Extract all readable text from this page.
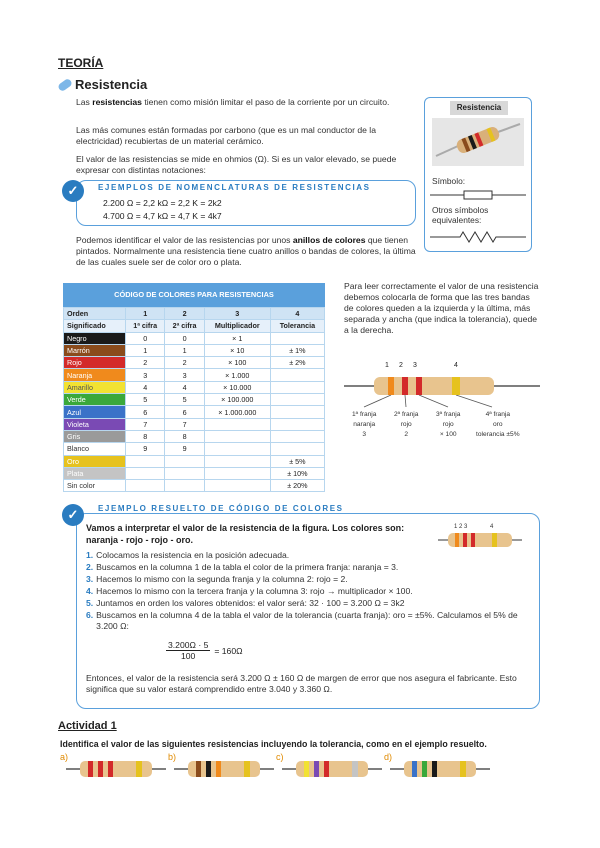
TEORÍA
Resistencia
Las resistencias tienen como misión limitar el paso de la corriente por un circuito.
Las más comunes están formadas por carbono (que es un mal conductor de la electricidad) recubiertas de un material cerámico.
El valor de las resistencias se mide en ohmios (Ω). Si es un valor elevado, se puede expresar con distintas notaciones:
✓	EJEMPLOS DE NOMENCLATURAS DE RESISTENCIAS
2.200 Ω = 2,2 kΩ = 2,2 K = 2k2
4.700 Ω = 4,7 kΩ = 4,7 K = 4k7
Resistencia
Símbolo:
Otros símbolos equivalentes:
Podemos identificar el valor de las resistencias por unos anillos de colores que tienen pintados. Normalmente una resistencia tiene cuatro anillos o bandas de colores, la última de las cuales suele ser de color oro o plata.
CÓDIGO DE COLORES PARA RESISTENCIAS
Orden	1	2	3	4
Significado	1ª cifra	2ª cifra	Multiplicador	Tolerancia
Negro	0	0	× 1	
Marrón	1	1	× 10	± 1%
Rojo	2	2	× 100	± 2%
Naranja	3	3	× 1.000	
Amarillo	4	4	× 10.000	
Verde	5	5	× 100.000	
Azul	6	6	× 1.000.000	
Violeta	7	7		
Gris	8	8		
Blanco	9	9		
Oro				± 5%
Plata				± 10%
Sin color				± 20%
Para leer correctamente el valor de una resistencia debemos colocarla de forma que las tres bandas de colores queden a la izquierda y la última, más separada y ancha (que indica la tolerancia), quede a la derecha.
1 2 3	4
1ª franja
naranja
3
2ª franja
rojo
2
3ª franja
rojo
× 100
4ª franja
oro
tolerancia ±5%
✓	EJEMPLO RESUELTO DE CÓDIGO DE COLORES
Vamos a interpretar el valor de la resistencia de la figura. Los colores son: naranja - rojo - rojo - oro.
1 2 3	4
1. Colocamos la resistencia en la posición adecuada.
2. Buscamos en la columna 1 de la tabla el color de la primera franja: naranja = 3.
3. Hacemos lo mismo con la segunda franja y la columna 2: rojo = 2.
4. Hacemos lo mismo con la tercera franja y la columna 3: rojo → multiplicador × 100.
5. Juntamos en orden los valores obtenidos: el valor será: 32 · 100 = 3.200 Ω = 3k2
6. Buscamos en la columna 4 de la tabla el valor de la tolerancia (cuarta franja): oro = ±5%. Calculamos el 5% de 3.200 Ω:
$\frac{3.200\Omega \cdot 5}{100} = 160\Omega$
Entonces, el valor de la resistencia será 3.200 Ω ± 160 Ω de margen de error que nos asegura el fabricante. Esto significa que su valor estará comprendido entre 3.040 y 3.360 Ω.
Actividad 1
Identifica el valor de las siguientes resistencias incluyendo la tolerancia, como en el ejemplo resuelto.
a)	b)	c)	d)
